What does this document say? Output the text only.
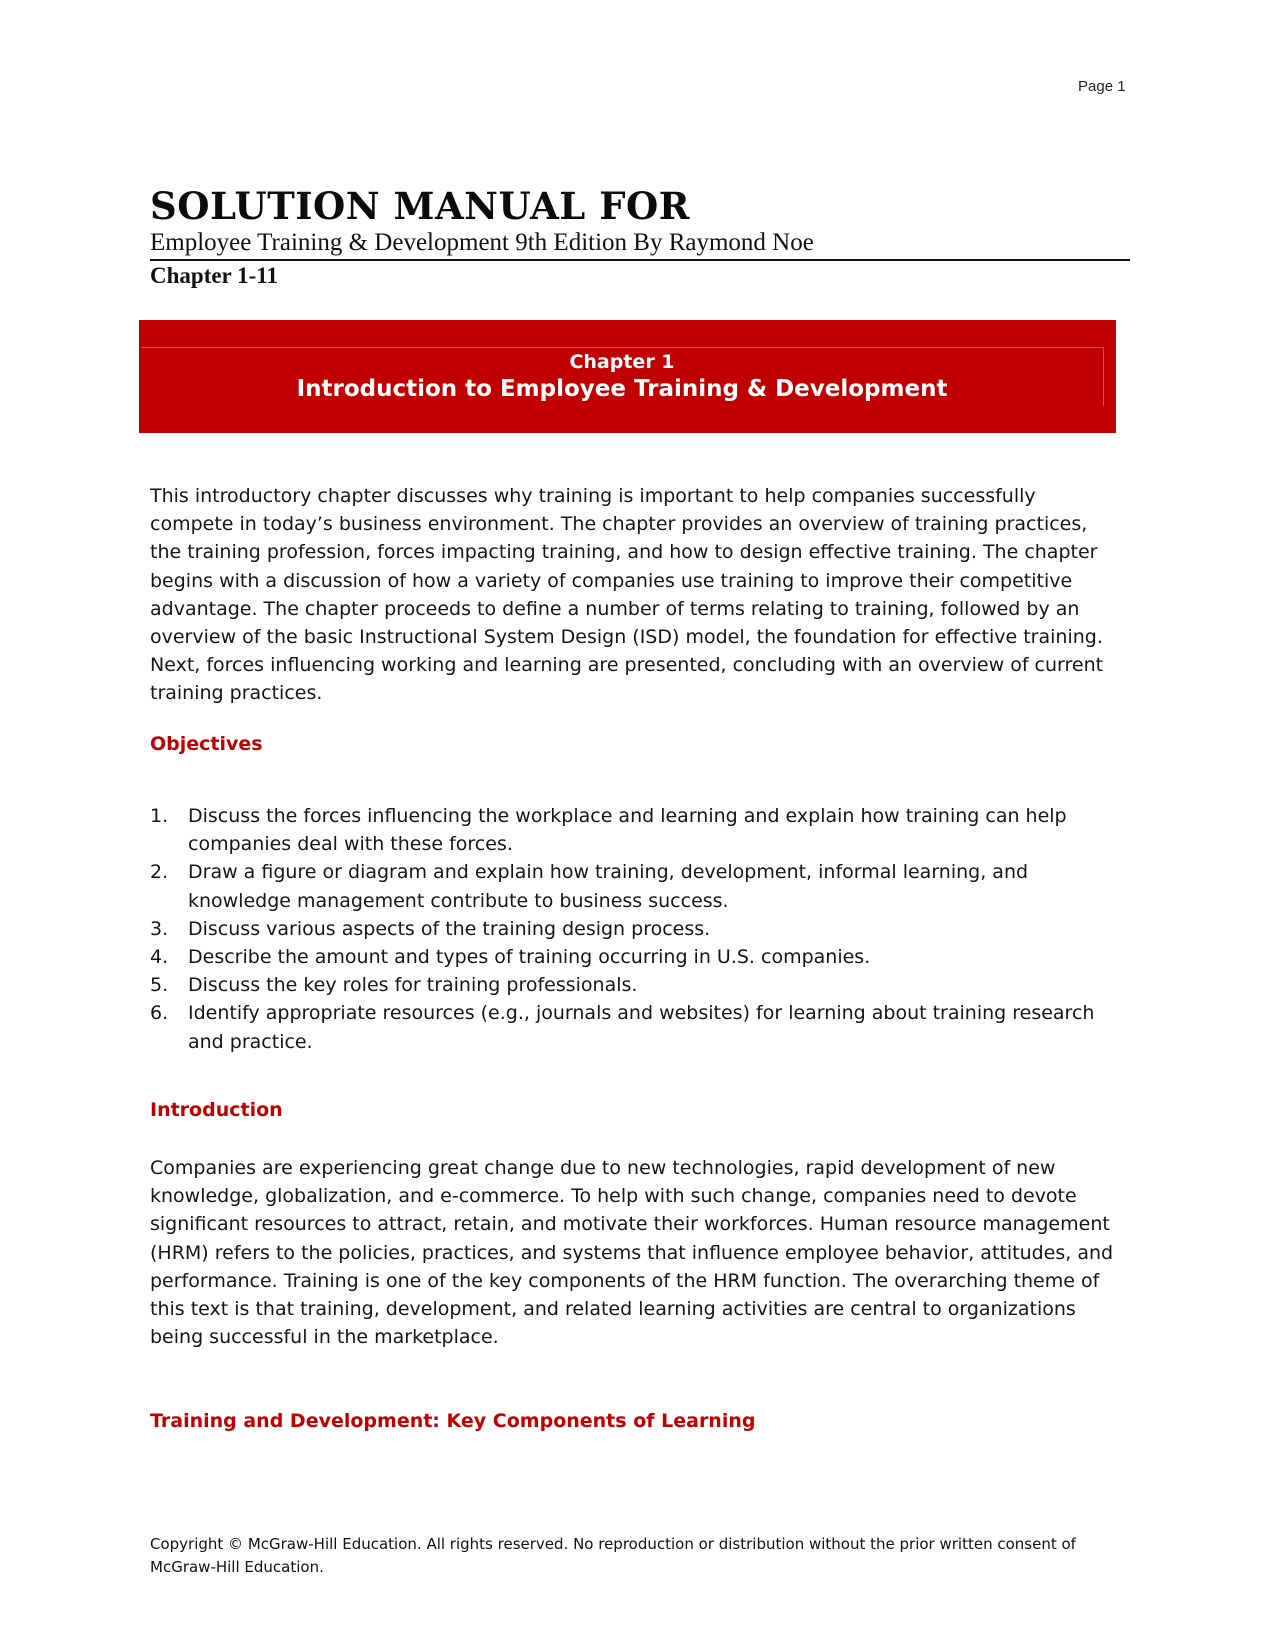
Page 1
SOLUTION MANUAL FOR
Employee Training & Development 9th Edition By Raymond Noe
Chapter 1-11
Chapter 1
Introduction to Employee Training & Development

This introductory chapter discusses why training is important to help companies successfully compete in today’s business environment. The chapter provides an overview of training practices, the training profession, forces impacting training, and how to design effective training. The chapter begins with a discussion of how a variety of companies use training to improve their competitive advantage. The chapter proceeds to define a number of terms relating to training, followed by an overview of the basic Instructional System Design (ISD) model, the foundation for effective training. Next, forces influencing working and learning are presented, concluding with an overview of current training practices.

Objectives
1. Discuss the forces influencing the workplace and learning and explain how training can help companies deal with these forces.
2. Draw a figure or diagram and explain how training, development, informal learning, and knowledge management contribute to business success.
3. Discuss various aspects of the training design process.
4. Describe the amount and types of training occurring in U.S. companies.
5. Discuss the key roles for training professionals.
6. Identify appropriate resources (e.g., journals and websites) for learning about training research and practice.
Introduction

Companies are experiencing great change due to new technologies, rapid development of new knowledge, globalization, and e-commerce. To help with such change, companies need to devote significant resources to attract, retain, and motivate their workforces. Human resource management (HRM) refers to the policies, practices, and systems that influence employee behavior, attitudes, and performance. Training is one of the key components of the HRM function. The overarching theme of this text is that training, development, and related learning activities are central to organizations being successful in the marketplace.

Training and Development: Key Components of Learning

Copyright © McGraw-Hill Education. All rights reserved. No reproduction or distribution without the prior written consent of McGraw-Hill Education.
